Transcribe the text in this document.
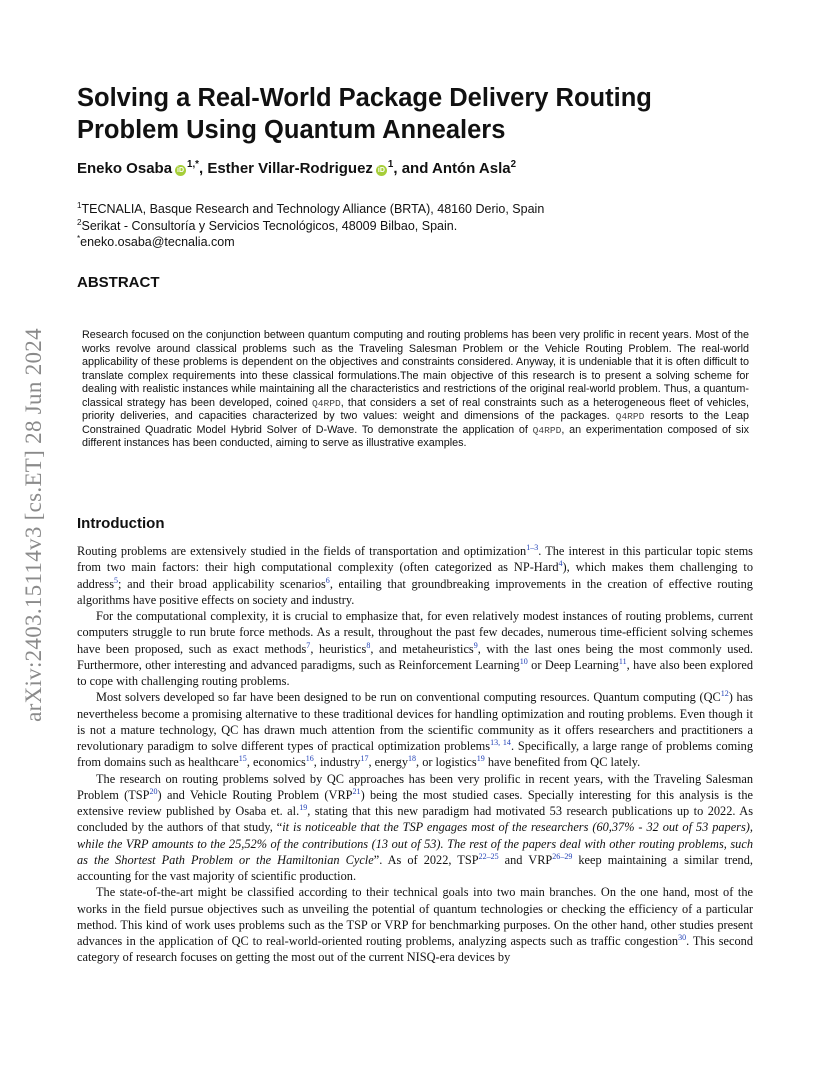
arXiv:2403.15114v3 [cs.ET] 28 Jun 2024
Solving a Real-World Package Delivery Routing Problem Using Quantum Annealers
Eneko Osaba $iD^{1,*}$, Esther Villar-Rodriguez $iD^1$, and Antón Asla$^2$
$^1$TECNALIA, Basque Research and Technology Alliance (BRTA), 48160 Derio, Spain
$^2$Serikat - Consultoría y Servicios Tecnológicos, 48009 Bilbao, Spain.
*eneko.osaba@tecnalia.com
ABSTRACT

Research focused on the conjunction between quantum computing and routing problems has been very prolific in recent years. Most of the works revolve around classical problems such as the Traveling Salesman Problem or the Vehicle Routing Problem. The real-world applicability of these problems is dependent on the objectives and constraints considered. Anyway, it is undeniable that it is often difficult to translate complex requirements into these classical formulations.The main objective of this research is to present a solving scheme for dealing with realistic instances while maintaining all the characteristics and restrictions of the original real-world problem. Thus, a quantum-classical strategy has been developed, coined Q4RPD, that considers a set of real constraints such as a heterogeneous fleet of vehicles, priority deliveries, and capacities characterized by two values: weight and dimensions of the packages. Q4RPD resorts to the Leap Constrained Quadratic Model Hybrid Solver of D-Wave. To demonstrate the application of Q4RPD, an experimentation composed of six different instances has been conducted, aiming to serve as illustrative examples.

Introduction

Routing problems are extensively studied in the fields of transportation and optimization$^{1-3}$. The interest in this particular topic stems from two main factors: their high computational complexity (often categorized as NP-Hard$^4$), which makes them challenging to address$^5$; and their broad applicability scenarios$^6$, entailing that groundbreaking improvements in the creation of effective routing algorithms have positive effects on society and industry.

For the computational complexity, it is crucial to emphasize that, for even relatively modest instances of routing problems, current computers struggle to run brute force methods. As a result, throughout the past few decades, numerous time-efficient solving schemes have been proposed, such as exact methods$^7$, heuristics$^8$, and metaheuristics$^9$, with the last ones being the most commonly used. Furthermore, other interesting and advanced paradigms, such as Reinforcement Learning$^{10}$ or Deep Learning$^{11}$, have also been explored to cope with challenging routing problems.

Most solvers developed so far have been designed to be run on conventional computing resources. Quantum computing (QC$^{12}$) has nevertheless become a promising alternative to these traditional devices for handling optimization and routing problems. Even though it is not a mature technology, QC has drawn much attention from the scientific community as it offers researchers and practitioners a revolutionary paradigm to solve different types of practical optimization problems$^{13, 14}$. Specifically, a large range of problems coming from domains such as healthcare$^{15}$, economics$^{16}$, industry$^{17}$, energy$^{18}$, or logistics$^{19}$ have benefited from QC lately.

The research on routing problems solved by QC approaches has been very prolific in recent years, with the Traveling Salesman Problem (TSP$^{20}$) and Vehicle Routing Problem (VRP$^{21}$) being the most studied cases. Specially interesting for this analysis is the extensive review published by Osaba et. al.$^{19}$, stating that this new paradigm had motivated 53 research publications up to 2022. As concluded by the authors of that study, “it is noticeable that the TSP engages most of the researchers (60,37% - 32 out of 53 papers), while the VRP amounts to the 25,52% of the contributions (13 out of 53). The rest of the papers deal with other routing problems, such as the Shortest Path Problem or the Hamiltonian Cycle”. As of 2022, TSP$^{22-25}$ and VRP$^{26-29}$ keep maintaining a similar trend, accounting for the vast majority of scientific production.

The state-of-the-art might be classified according to their technical goals into two main branches. On the one hand, most of the works in the field pursue objectives such as unveiling the potential of quantum technologies or checking the efficiency of a particular method. This kind of work uses problems such as the TSP or VRP for benchmarking purposes. On the other hand, other studies present advances in the application of QC to real-world-oriented routing problems, analyzing aspects such as traffic congestion$^{30}$. This second category of research focuses on getting the most out of the current NISQ-era devices by
